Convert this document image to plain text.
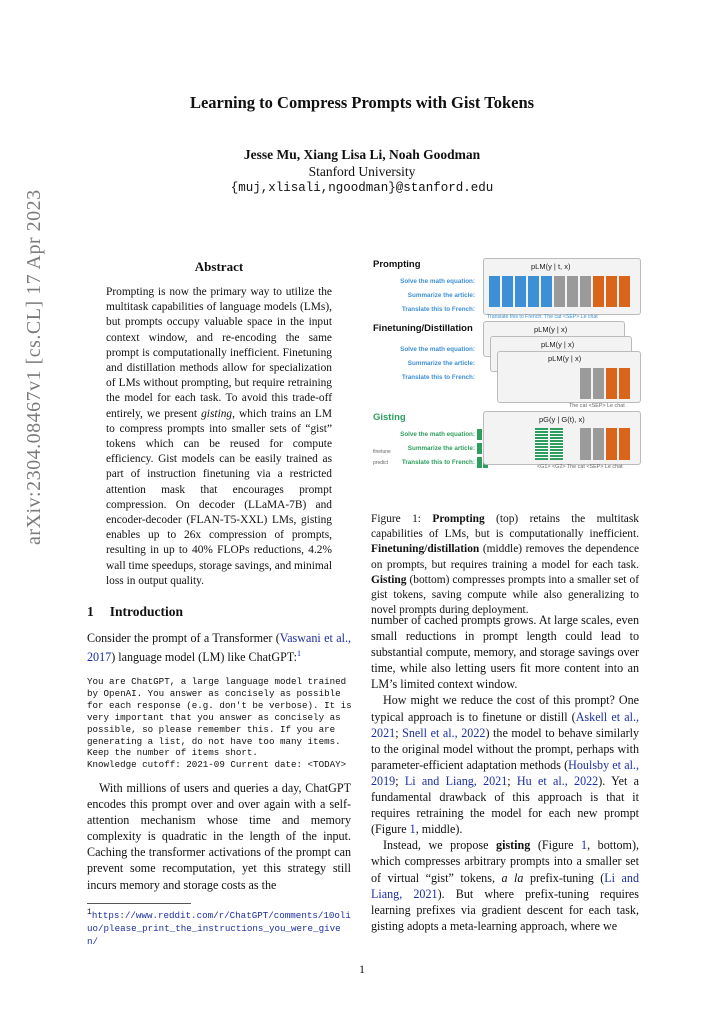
Learning to Compress Prompts with Gist Tokens
Jesse Mu, Xiang Lisa Li, Noah Goodman
Stanford University
{muj,xlisali,ngoodman}@stanford.edu
arXiv:2304.08467v1 [cs.CL] 17 Apr 2023	Abstract
Prompting is now the primary way to utilize the multitask capabilities of language models (LMs), but prompts occupy valuable space in the input context window, and re-encoding the same prompt is computationally inefficient. Finetuning and distillation methods allow for specialization of LMs without prompting, but require retraining the model for each task. To avoid this trade-off entirely, we present gisting, which trains an LM to compress prompts into smaller sets of “gist” tokens which can be reused for compute efficiency. Gist models can be easily trained as part of instruction finetuning via a restricted attention mask that encourages prompt compression. On decoder (LLaMA-7B) and encoder-decoder (FLAN-T5-XXL) LMs, gisting enables up to 26x compression of prompts, resulting in up to 40% FLOPs reductions, 4.2% wall time speedups, storage savings, and minimal loss in output quality.
1 Introduction

Consider the prompt of a Transformer (Vaswani et al., 2017) language model (LM) like ChatGPT:$^1$

You are ChatGPT, a large language model trained
by OpenAI. You answer as concisely as possible
for each response (e.g. don't be verbose). It is
very important that you answer as concisely as
possible, so please remember this. If you are
generating a list, do not have too many items.
Keep the number of items short.
Knowledge cutoff: 2021-09 Current date: <TODAY>

With millions of users and queries a day, ChatGPT encodes this prompt over and over again with a self-attention mechanism whose time and memory complexity is quadratic in the length of the input. Caching the transformer activations of the prompt can prevent some recomputation, yet this strategy still incurs memory and storage costs as the

$^1$https://www.reddit.com/r/ChatGPT/comments/10oliuo/please_print_the_instructions_you_were_given/
Prompting
Finetuning/Distillation
Gisting
Solve the math equation:
Summarize the article:
Translate this to French:
pLM(y | t, x)
Translate this to French: The cat <SEP> Le chat
Solve the math equation:
Summarize the article:
Translate this to French:
pLM(y | x)
pLM(y | x)
pLM(y | x)
The cat <SEP> Le chat
Solve the math equation:
Summarize the article:
Translate this to French:
finetune
predict
pG(y | G(t), x)
<G1> <G2> The cat <SEP> Le chat
Figure 1: Prompting (top) retains the multitask capabilities of LMs, but is computationally inefficient. Finetuning/distillation (middle) removes the dependence on prompts, but requires training a model for each task. Gisting (bottom) compresses prompts into a smaller set of gist tokens, saving compute while also generalizing to novel prompts during deployment.

number of cached prompts grows. At large scales, even small reductions in prompt length could lead to substantial compute, memory, and storage savings over time, while also letting users fit more content into an LM’s limited context window.

How might we reduce the cost of this prompt? One typical approach is to finetune or distill (Askell et al., 2021; Snell et al., 2022) the model to behave similarly to the original model without the prompt, perhaps with parameter-efficient adaptation methods (Houlsby et al., 2019; Li and Liang, 2021; Hu et al., 2022). Yet a fundamental drawback of this approach is that it requires retraining the model for each new prompt (Figure 1, middle).

Instead, we propose gisting (Figure 1, bottom), which compresses arbitrary prompts into a smaller set of virtual “gist” tokens, a la prefix-tuning (Li and Liang, 2021). But where prefix-tuning requires learning prefixes via gradient descent for each task, gisting adopts a meta-learning approach, where we

1
